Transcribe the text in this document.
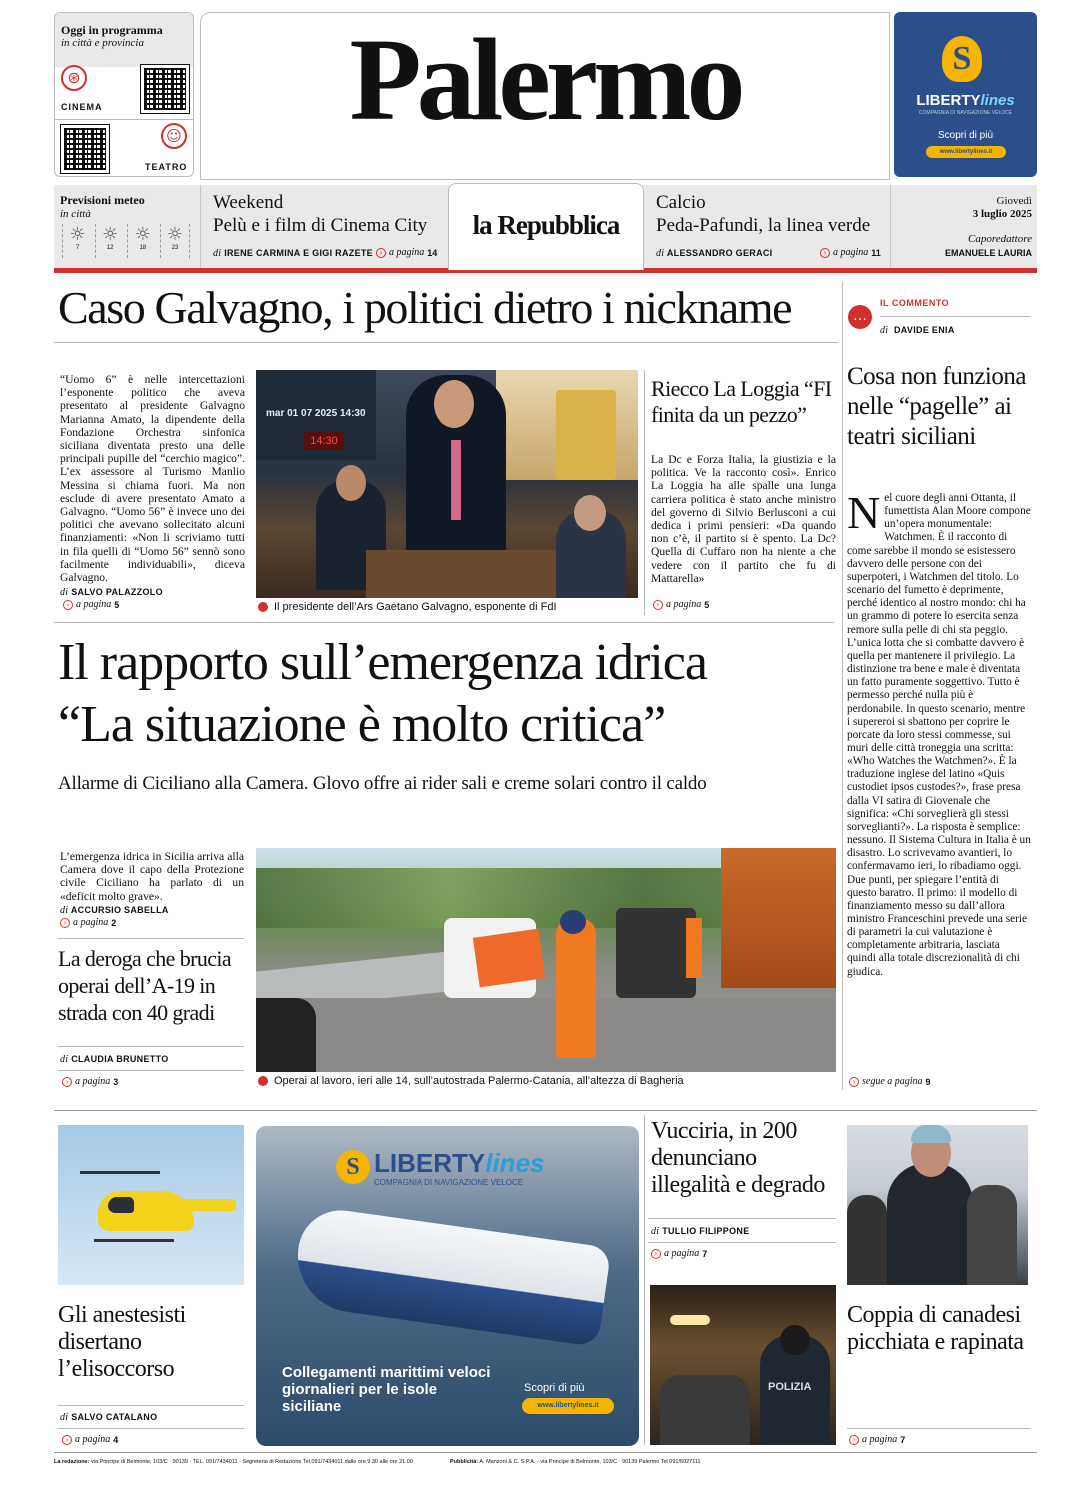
Oggi in programma
in città e provincia
⊛
CINEMA
☺
TEATRO
Palermo	S
LIBERTYlines
COMPAGNIA DI NAVIGAZIONE VELOCE
Scopri di più
www.libertylines.it
Previsioni meteo
in città
☼
7
☼
12
☼
18
☼
23
Weekend
Pelù e i film di Cinema City
di IRENE CARMINA E GIGI RAZETE › a pagina 14
la Repubblica
Calcio
Peda-Pafundi, la linea verde
di ALESSANDRO GERACI	› a pagina 11
Giovedì
3 luglio 2025
Caporedattore
EMANUELE LAURIA
Caso Galvagno, i politici dietro i nickname
“Uomo 6” è nelle intercettazioni l’esponente politico che aveva presentato al presidente Galvagno Marianna Amato, la dipendente della Fondazione Orchestra sinfonica siciliana diventata presto una delle principali pupille del “cerchio magico”. L’ex assessore al Turismo Manlio Messina si chiama fuori. Ma non esclude di avere presentato Amato a Galvagno. “Uomo 56” è invece uno dei politici che avevano sollecitato alcuni finanziamenti: «Non li scriviamo tutti in fila quelli di “Uomo 56” sennò sono facilmente individuabili», diceva Galvagno.
di SALVO PALAZZOLO
› a pagina 5
mar 01 07 2025 14:30
14:30
Il presidente dell’Ars Gaetano Galvagno, esponente di FdI
Riecco La Loggia “FI finita da un pezzo”
La Dc e Forza Italia, la giustizia e la politica. Ve la racconto così». Enrico La Loggia ha alle spalle una lunga carriera politica è stato anche ministro del governo di Silvio Berlusconi a cui dedica i primi pensieri: «Da quando non c’è, il partito si è spento. La Dc? Quella di Cuffaro non ha niente a che vedere con il partito che fu di Mattarella»
› a pagina 5
…
IL COMMENTO
di DAVIDE ENIA
Cosa non funziona nelle “pagelle” ai teatri siciliani
Nel cuore degli anni Ottanta, il fumettista Alan Moore compone un’opera monumentale: Watchmen. È il racconto di come sarebbe il mondo se esistessero davvero delle persone con dei superpoteri, i Watchmen del titolo. Lo scenario del fumetto è deprimente, perché identico al nostro mondo: chi ha un grammo di potere lo esercita senza remore sulla pelle di chi sta peggio. L’unica lotta che si combatte davvero è quella per mantenere il privilegio. La distinzione tra bene e male è diventata un fatto puramente soggettivo. Tutto è permesso perché nulla più è perdonabile. In questo scenario, mentre i supereroi si sbattono per coprire le porcate da loro stessi commesse, sui muri delle città troneggia una scritta: «Who Watches the Watchmen?». È la traduzione inglese del latino «Quis custodiet ipsos custodes?», frase presa dalla VI satira di Giovenale che significa: «Chi sorveglierà gli stessi sorveglianti?». La risposta è semplice: nessuno. Il Sistema Cultura in Italia è un disastro. Lo scrivevamo avantieri, lo confermavamo ieri, lo ribadiamo oggi. Due punti, per spiegare l’entità di questo baratro. Il primo: il modello di finanziamento messo su dall’allora ministro Franceschini prevede una serie di parametri la cui valutazione è completamente arbitraria, lasciata quindi alla totale discrezionalità di chi giudica.
› segue a pagina 9
Il rapporto sull’emergenza idrica
“La situazione è molto critica”
Allarme di Ciciliano alla Camera. Glovo offre ai rider sali e creme solari contro il caldo
L’emergenza idrica in Sicilia arriva alla Camera dove il capo della Protezione civile Ciciliano ha parlato di un «deficit molto grave».
di ACCURSIO SABELLA
› a pagina 2
La deroga che brucia operai dell’A-19 in strada con 40 gradi
di CLAUDIA BRUNETTO
› a pagina 3	Operai al lavoro, ieri alle 14, sull’autostrada Palermo-Catania, all’altezza di Bagheria
Gli anestesisti disertano l’elisoccorso
di SALVO CATALANO
› a pagina 4
S LIBERTYlines
COMPAGNIA DI NAVIGAZIONE VELOCE
Collegamenti marittimi veloci giornalieri per le isole siciliane
Scopri di più
www.libertylines.it
Vucciria, in 200 denunciano illegalità e degrado
di TULLIO FILIPPONE
› a pagina 7
POLIZIA
Coppia di canadesi picchiata e rapinata
› a pagina 7
La redazione: via Principe di Belmonte, 103/C · 90139 · TEL. 091/7434011 · Segreteria di Redazione Tel.091/7434011 dalle ore 9.30 alle ore 21.00	Pubblicità: A. Manzoni & C. S.P.A. · via Principe di Belmonte, 103/C · 90139 Palermo Tel 091/6027111
